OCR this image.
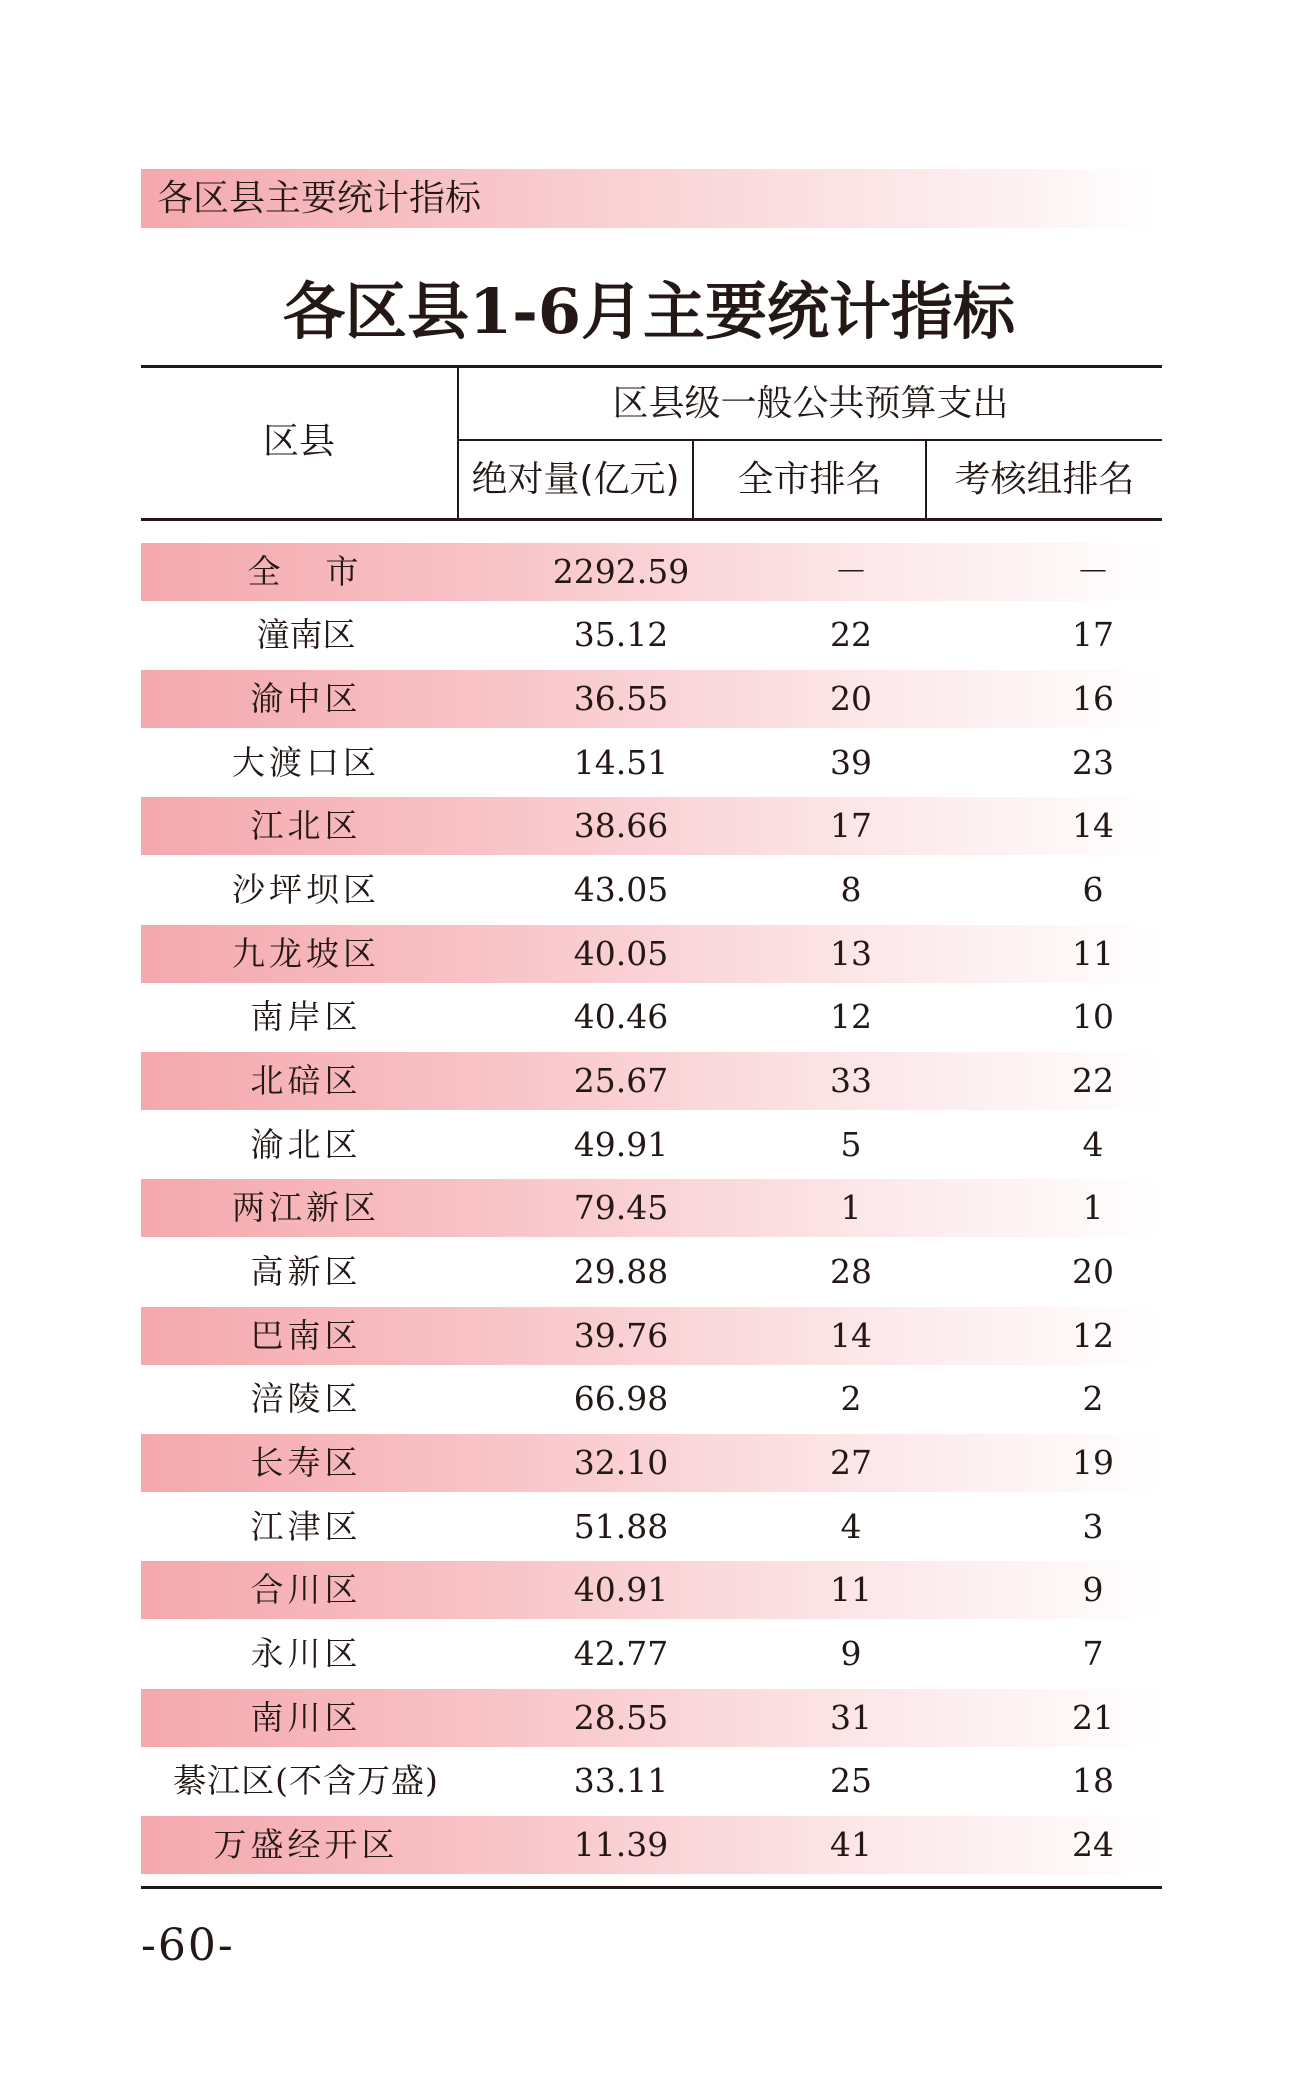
各区县主要统计指标
各区县1-6月主要统计指标
区县
区县级一般公共预算支出
绝对量(亿元)	全市排名	考核组排名
全　市	2292.59	－	－
潼南区	35.12	22	17
渝中区	36.55	20	16
大渡口区	14.51	39	23
江北区	38.66	17	14
沙坪坝区	43.05	8	6
九龙坡区	40.05	13	11
南岸区	40.46	12	10
北碚区	25.67	33	22
渝北区	49.91	5	4
两江新区	79.45	1	1
高新区	29.88	28	20
巴南区	39.76	14	12
涪陵区	66.98	2	2
长寿区	32.10	27	19
江津区	51.88	4	3
合川区	40.91	11	9
永川区	42.77	9	7
南川区	28.55	31	21
綦江区(不含万盛)	33.11	25	18
万盛经开区	11.39	41	24
-60-
